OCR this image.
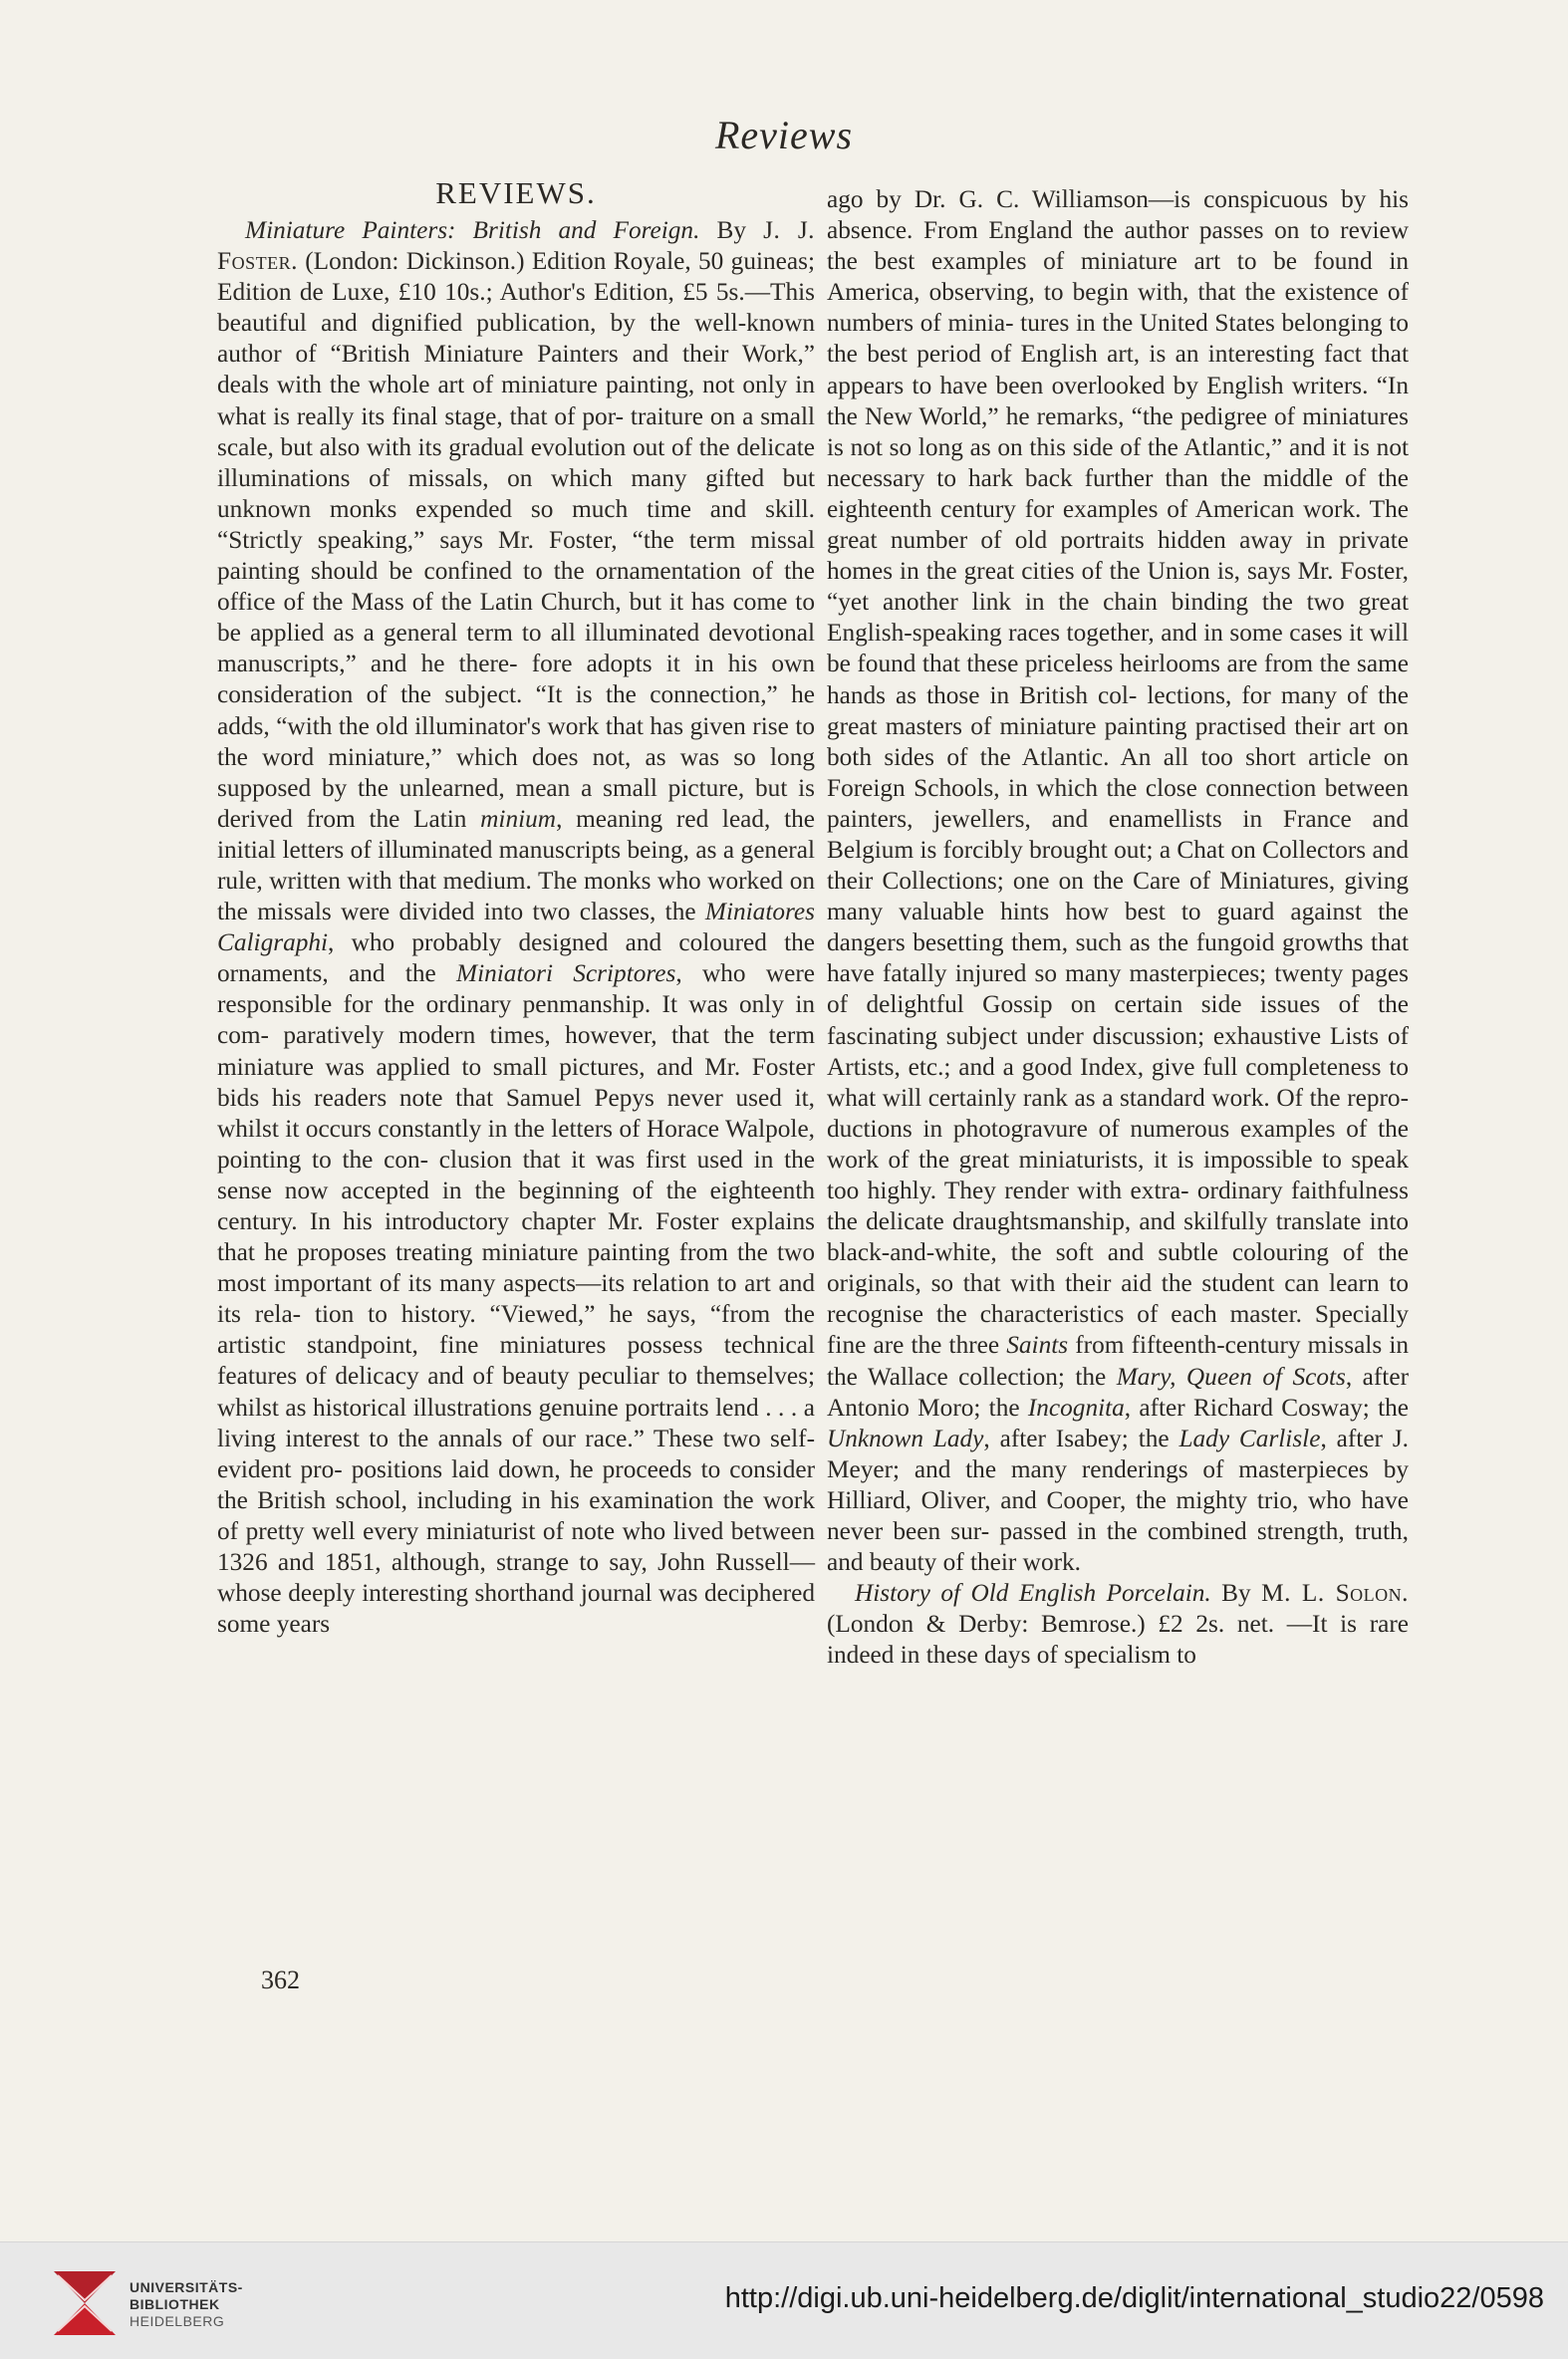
Reviews
REVIEWS.

Miniature Painters: British and Foreign. By J. J. Foster. (London: Dickinson.) Edition Royale, 50 guineas; Edition de Luxe, £10 10s.; Author's Edition, £5 5s.—This beautiful and dignified publication, by the well-known author of “British Miniature Painters and their Work,” deals with the whole art of miniature painting, not only in what is really its final stage, that of por- traiture on a small scale, but also with its gradual evolution out of the delicate illuminations of missals, on which many gifted but unknown monks expended so much time and skill. “Strictly speaking,” says Mr. Foster, “the term missal painting should be confined to the ornamentation of the office of the Mass of the Latin Church, but it has come to be applied as a general term to all illuminated devotional manuscripts,” and he there- fore adopts it in his own consideration of the subject. “It is the connection,” he adds, “with the old illuminator's work that has given rise to the word miniature,” which does not, as was so long supposed by the unlearned, mean a small picture, but is derived from the Latin minium, meaning red lead, the initial letters of illuminated manuscripts being, as a general rule, written with that medium. The monks who worked on the missals were divided into two classes, the Miniatores Caligraphi, who probably designed and coloured the ornaments, and the Miniatori Scriptores, who were responsible for the ordinary penmanship. It was only in com- paratively modern times, however, that the term miniature was applied to small pictures, and Mr. Foster bids his readers note that Samuel Pepys never used it, whilst it occurs constantly in the letters of Horace Walpole, pointing to the con- clusion that it was first used in the sense now accepted in the beginning of the eighteenth century. In his introductory chapter Mr. Foster explains that he proposes treating miniature painting from the two most important of its many aspects—its relation to art and its rela- tion to history. “Viewed,” he says, “from the artistic standpoint, fine miniatures possess technical features of delicacy and of beauty peculiar to themselves; whilst as historical illustrations genuine portraits lend . . . a living interest to the annals of our race.” These two self-evident pro- positions laid down, he proceeds to consider the British school, including in his examination the work of pretty well every miniaturist of note who lived between 1326 and 1851, although, strange to say, John Russell—whose deeply interesting shorthand journal was deciphered some years

ago by Dr. G. C. Williamson—is conspicuous by his absence. From England the author passes on to review the best examples of miniature art to be found in America, observing, to begin with, that the existence of numbers of minia- tures in the United States belonging to the best period of English art, is an interesting fact that appears to have been overlooked by English writers. “In the New World,” he remarks, “the pedigree of miniatures is not so long as on this side of the Atlantic,” and it is not necessary to hark back further than the middle of the eighteenth century for examples of American work. The great number of old portraits hidden away in private homes in the great cities of the Union is, says Mr. Foster, “yet another link in the chain binding the two great English-speaking races together, and in some cases it will be found that these priceless heirlooms are from the same hands as those in British col- lections, for many of the great masters of miniature painting practised their art on both sides of the Atlantic. An all too short article on Foreign Schools, in which the close connection between painters, jewellers, and enamellists in France and Belgium is forcibly brought out; a Chat on Collectors and their Collections; one on the Care of Miniatures, giving many valuable hints how best to guard against the dangers besetting them, such as the fungoid growths that have fatally injured so many masterpieces; twenty pages of delightful Gossip on certain side issues of the fascinating subject under discussion; exhaustive Lists of Artists, etc.; and a good Index, give full completeness to what will certainly rank as a standard work. Of the repro- ductions in photogravure of numerous examples of the work of the great miniaturists, it is impossible to speak too highly. They render with extra- ordinary faithfulness the delicate draughtsmanship, and skilfully translate into black-and-white, the soft and subtle colouring of the originals, so that with their aid the student can learn to recognise the characteristics of each master. Specially fine are the three Saints from fifteenth-century missals in the Wallace collection; the Mary, Queen of Scots, after Antonio Moro; the Incognita, after Richard Cosway; the Unknown Lady, after Isabey; the Lady Carlisle, after J. Meyer; and the many renderings of masterpieces by Hilliard, Oliver, and Cooper, the mighty trio, who have never been sur- passed in the combined strength, truth, and beauty of their work.

History of Old English Porcelain. By M. L. Solon. (London & Derby: Bemrose.) £2 2s. net. —It is rare indeed in these days of specialism to

362
UNIVERSITÄTS-
BIBLIOTHEK
HEIDELBERG
http://digi.ub.uni-heidelberg.de/diglit/international_studio22/0598
